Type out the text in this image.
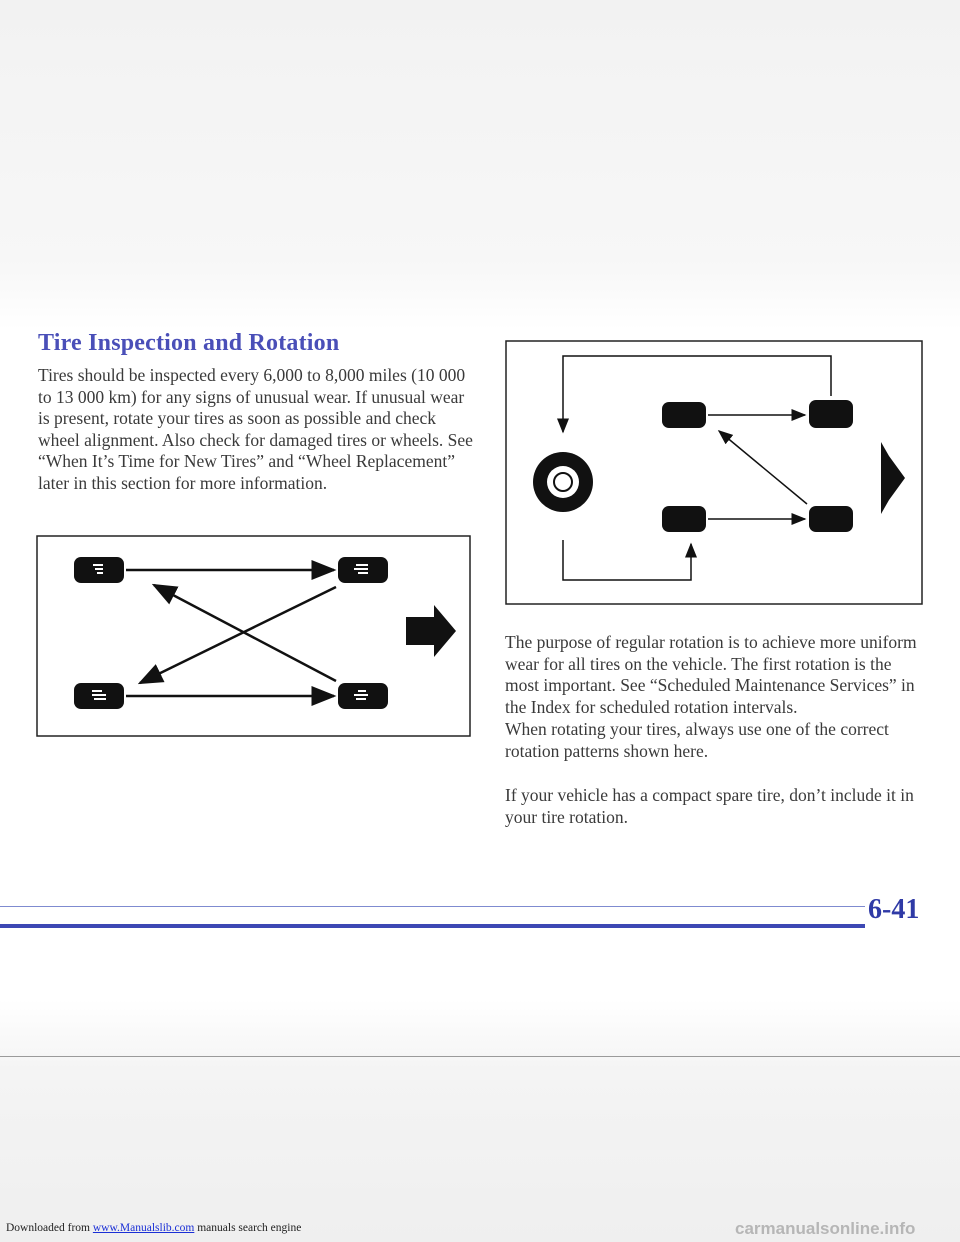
Tire Inspection and Rotation

Tires should be inspected every 6,000 to 8,000 miles (10 000 to 13 000 km) for any signs of unusual wear. If unusual wear is present, rotate your tires as soon as possible and check wheel alignment. Also check for damaged tires or wheels. See “When It’s Time for New Tires” and “Wheel Replacement” later in this section for more information.

The purpose of regular rotation is to achieve more uniform wear for all tires on the vehicle. The first rotation is the most important. See “Scheduled Maintenance Services” in the Index for scheduled rotation intervals.

When rotating your tires, always use one of the correct rotation patterns shown here.

If your vehicle has a compact spare tire, don’t include it in your tire rotation.

6-41
Downloaded from www.Manualslib.com manuals search engine	carmanualsonline.info
